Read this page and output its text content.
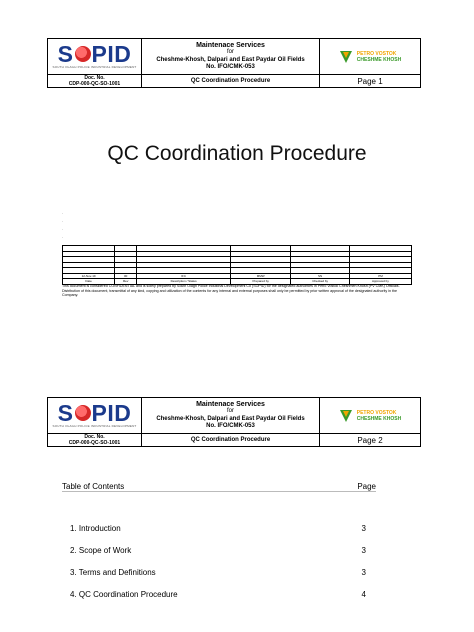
S PID
SOUTH OLAGH POLICE INDUSTRIAL DEVELOPMENT
Maintenace Services
for
Cheshme-Khosh, Dalpari and East Paydar Oil Fields
No. IFO/CMK-053
PETRO VOSTOK
CHESHME KHOSH
Doc. No.
CDP-000-QC-SO-1001	QC Coordination Procedure	Page 1
QC Coordination Procedure
·
·
·
·

12-Nov-19	00	IFC	MMW	SN	PM
Date	Rev	Description / Status	Prepared by	Checked by	Approved by
This document is considered CONFIDENTIAL and is solely prepared by South Olagh Police Industrial Development Co (SOPID) for the designated authorities in Petro Vostok Cheshmeh Khosh (PV CMK) Officials. Distribution of this document, transmittal of any kind, copying and utilization of the contents for any internal and external purposes shall only be permitted by prior written approval of the designated authority in the Company.
S PID
SOUTH OLAGH POLICE INDUSTRIAL DEVELOPMENT
Maintenace Services
for
Cheshme-Khosh, Dalpari and East Paydar Oil Fields
No. IFO/CMK-053
PETRO VOSTOK
CHESHME KHOSH
Doc. No.
CDP-000-QC-SO-1001	QC Coordination Procedure	Page 2
Table of Contents	Page
1. Introduction	3
2. Scope of Work	3
3. Terms and Definitions	3
4. QC Coordination Procedure	4
